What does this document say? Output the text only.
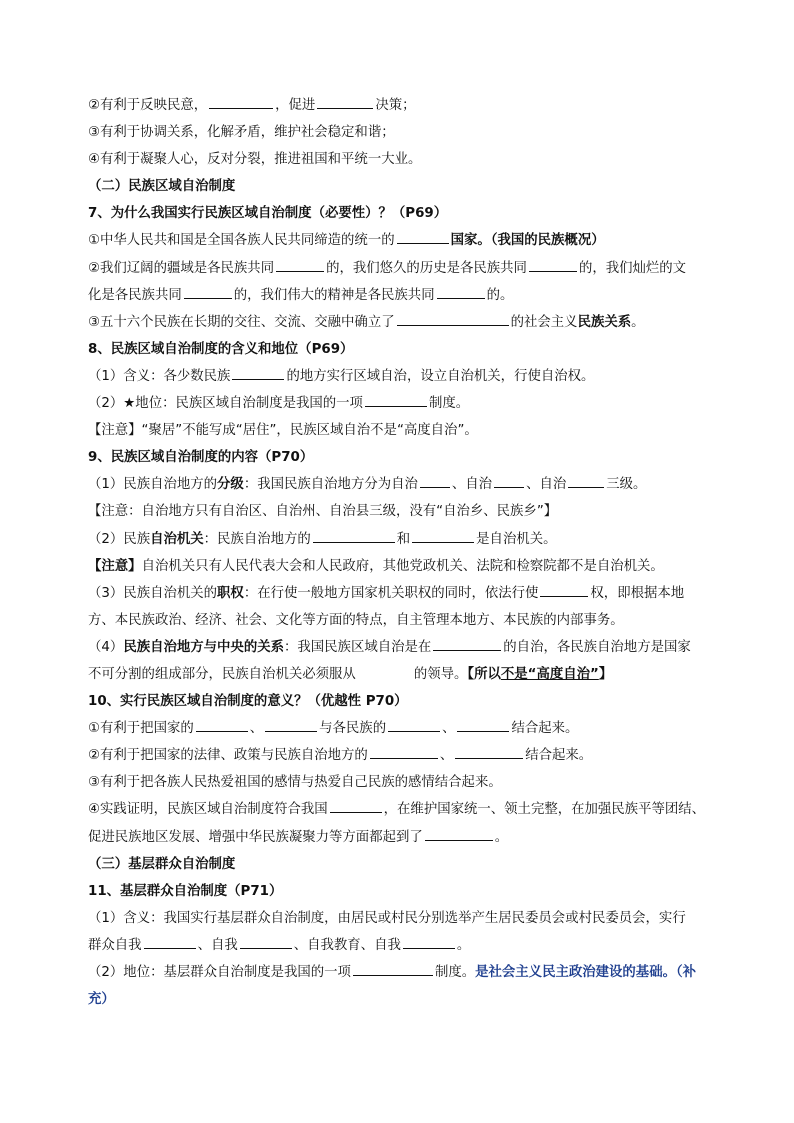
②有利于反映民意，	，促进	决策；
③有利于协调关系，化解矛盾，维护社会稳定和谐；
④有利于凝聚人心，反对分裂，推进祖国和平统一大业。
（二）民族区域自治制度
7、为什么我国实行民族区域自治制度（必要性）？（P69）
①中华人民共和国是全国各族人民共同缔造的统一的	国家。（我国的民族概况）
②我们辽阔的疆域是各民族共同	的，我们悠久的历史是各民族共同	的，我们灿烂的文
化是各民族共同	的，我们伟大的精神是各民族共同	的。
③五十六个民族在长期的交往、交流、交融中确立了	的社会主义民族关系。
8、民族区域自治制度的含义和地位（P69）
（1）含义：各少数民族	的地方实行区域自治，设立自治机关，行使自治权。
（2）★地位：民族区域自治制度是我国的一项	制度。
【注意】“聚居”不能写成“居住”，民族区域自治不是“高度自治”。
9、民族区域自治制度的内容（P70）
（1）民族自治地方的分级：我国民族自治地方分为自治	、自治	、自治	三级。
【注意：自治地方只有自治区、自治州、自治县三级，没有“自治乡、民族乡”】
（2）民族自治机关：民族自治地方的	和	是自治机关。
【注意】自治机关只有人民代表大会和人民政府，其他党政机关、法院和检察院都不是自治机关。
（3）民族自治机关的职权：在行使一般地方国家机关职权的同时，依法行使	权，即根据本地
方、本民族政治、经济、社会、文化等方面的特点，自主管理本地方、本民族的内部事务。
（4）民族自治地方与中央的关系：我国民族区域自治是在	的自治，各民族自治地方是国家
不可分割的组成部分，民族自治机关必须服从	的领导。【所以不是“高度自治”】
10、实行民族区域自治制度的意义？（优越性 P70）
①有利于把国家的	、	与各民族的	、	结合起来。
②有利于把国家的法律、政策与民族自治地方的	、	结合起来。
③有利于把各族人民热爱祖国的感情与热爱自己民族的感情结合起来。
④实践证明，民族区域自治制度符合我国	，在维护国家统一、领土完整，在加强民族平等团结、
促进民族地区发展、增强中华民族凝聚力等方面都起到了	。
（三）基层群众自治制度
11、基层群众自治制度（P71）
（1）含义：我国实行基层群众自治制度，由居民或村民分别选举产生居民委员会或村民委员会，实行
群众自我	、自我	、自我教育、自我	。
（2）地位：基层群众自治制度是我国的一项	制度。是社会主义民主政治建设的基础。（补
充）
